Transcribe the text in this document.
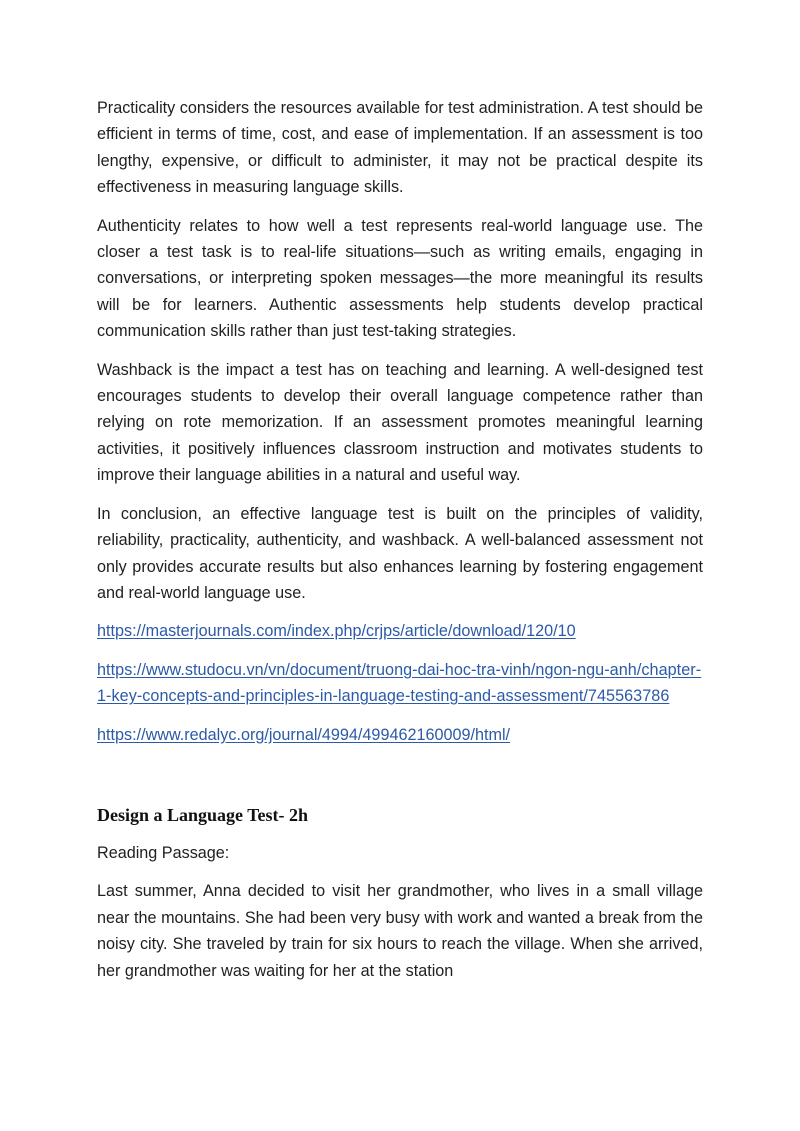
Practicality considers the resources available for test administration. A test should be efficient in terms of time, cost, and ease of implementation. If an assessment is too lengthy, expensive, or difficult to administer, it may not be practical despite its effectiveness in measuring language skills.

Authenticity relates to how well a test represents real-world language use. The closer a test task is to real-life situations—such as writing emails, engaging in conversations, or interpreting spoken messages—the more meaningful its results will be for learners. Authentic assessments help students develop practical communication skills rather than just test-taking strategies.

Washback is the impact a test has on teaching and learning. A well-designed test encourages students to develop their overall language competence rather than relying on rote memorization. If an assessment promotes meaningful learning activities, it positively influences classroom instruction and motivates students to improve their language abilities in a natural and useful way.

In conclusion, an effective language test is built on the principles of validity, reliability, practicality, authenticity, and washback. A well-balanced assessment not only provides accurate results but also enhances learning by fostering engagement and real-world language use.

https://masterjournals.com/index.php/crjps/article/download/120/10

https://www.studocu.vn/vn/document/truong-dai-hoc-tra-vinh/ngon-ngu-anh/chapter-1-key-concepts-and-principles-in-language-testing-and-assessment/745563786

https://www.redalyc.org/journal/4994/499462160009/html/

Design a Language Test- 2h

Reading Passage:

Last summer, Anna decided to visit her grandmother, who lives in a small village near the mountains. She had been very busy with work and wanted a break from the noisy city. She traveled by train for six hours to reach the village. When she arrived, her grandmother was waiting for her at the station
